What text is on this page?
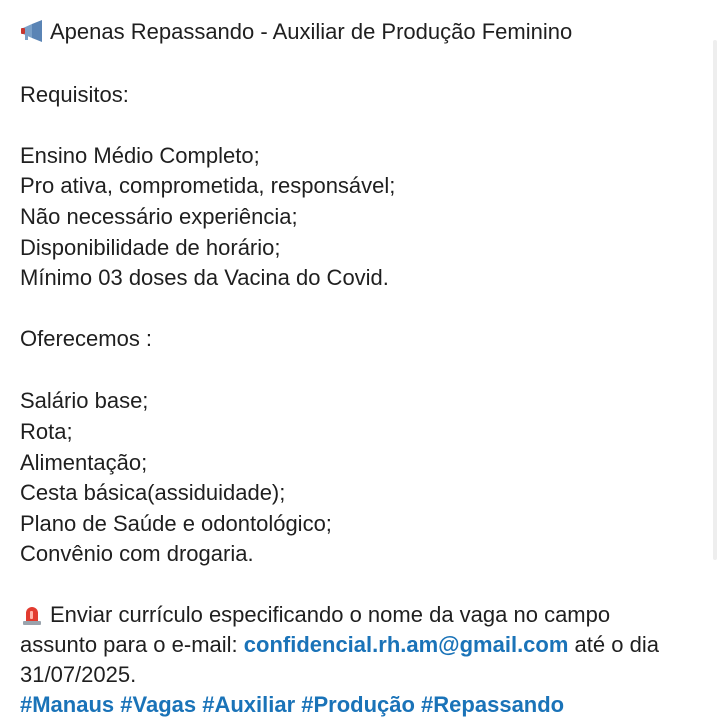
Apenas Repassando - Auxiliar de Produção Feminino
Requisitos:
Ensino Médio Completo;
Pro ativa, comprometida, responsável;
Não necessário experiência;
Disponibilidade de horário;
Mínimo 03 doses da Vacina do Covid.
Oferecemos :
Salário base;
Rota;
Alimentação;
Cesta básica(assiduidade);
Plano de Saúde e odontológico;
Convênio com drogaria.
Enviar currículo especificando o nome da vaga no campo
assunto para o e-mail: confidencial.rh.am@gmail.com até o dia
31/07/2025.
#Manaus #Vagas #Auxiliar #Produção #Repassando
